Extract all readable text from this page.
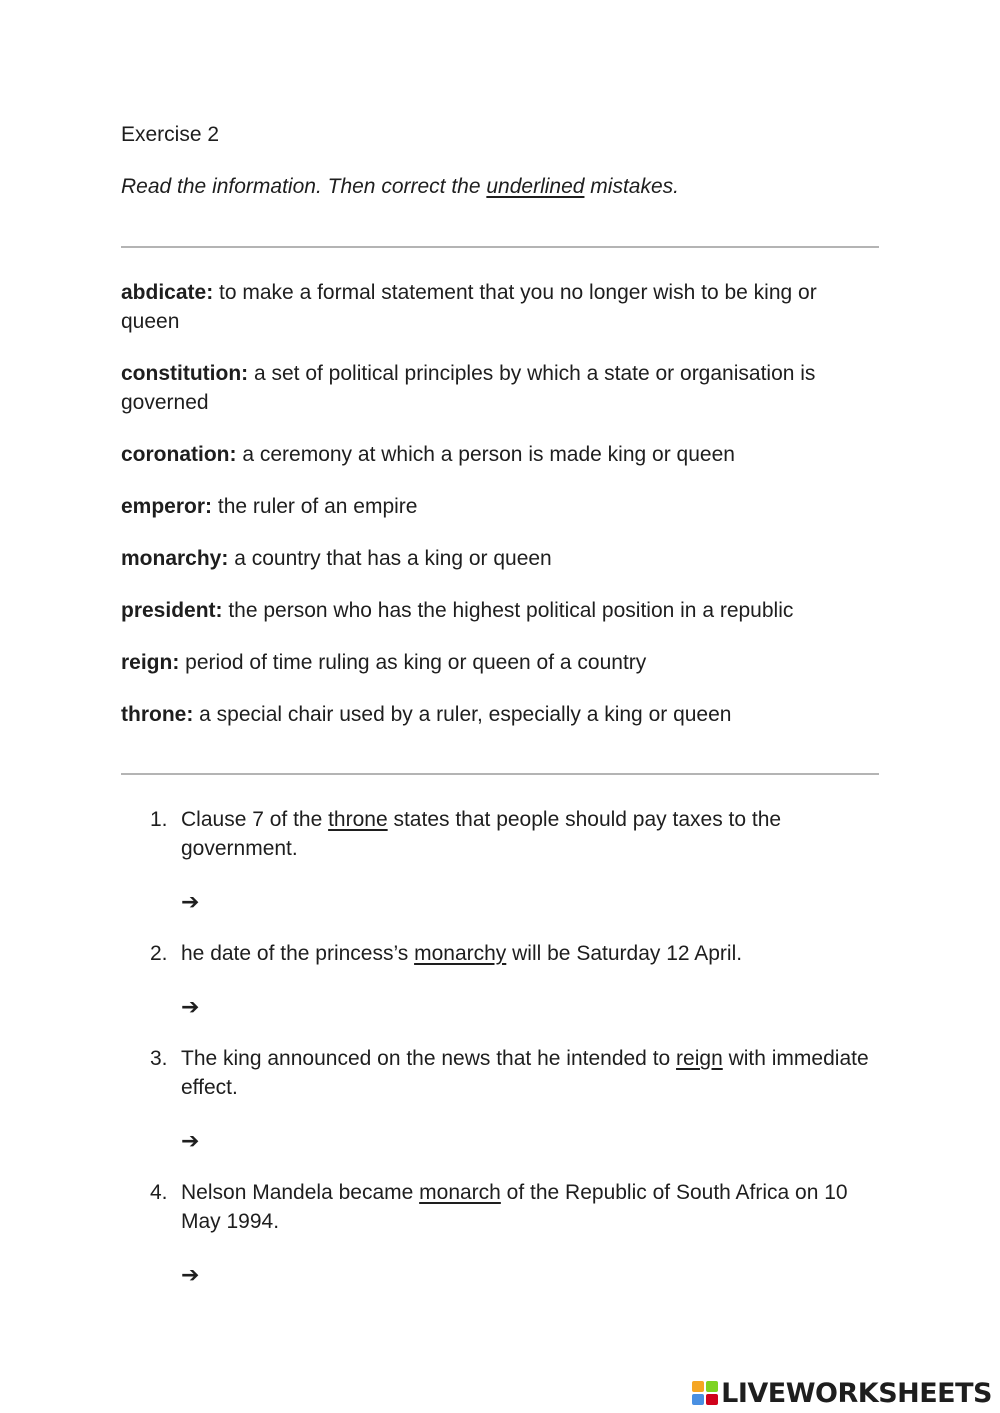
Exercise 2
Read the information. Then correct the underlined mistakes.

abdicate: to make a formal statement that you no longer wish to be king or queen

constitution: a set of political principles by which a state or organisation is governed

coronation: a ceremony at which a person is made king or queen

emperor: the ruler of an empire

monarchy: a country that has a king or queen

president: the person who has the highest political position in a republic

reign: period of time ruling as king or queen of a country

throne: a special chair used by a ruler, especially a king or queen

1. Clause 7 of the throne states that people should pay taxes to the government.
➔
2. he date of the princess’s monarchy will be Saturday 12 April.
➔
3. The king announced on the news that he intended to reign with immediate effect.
➔
4. Nelson Mandela became monarch of the Republic of South Africa on 10 May 1994.
➔
LIVEWORKSHEETS
